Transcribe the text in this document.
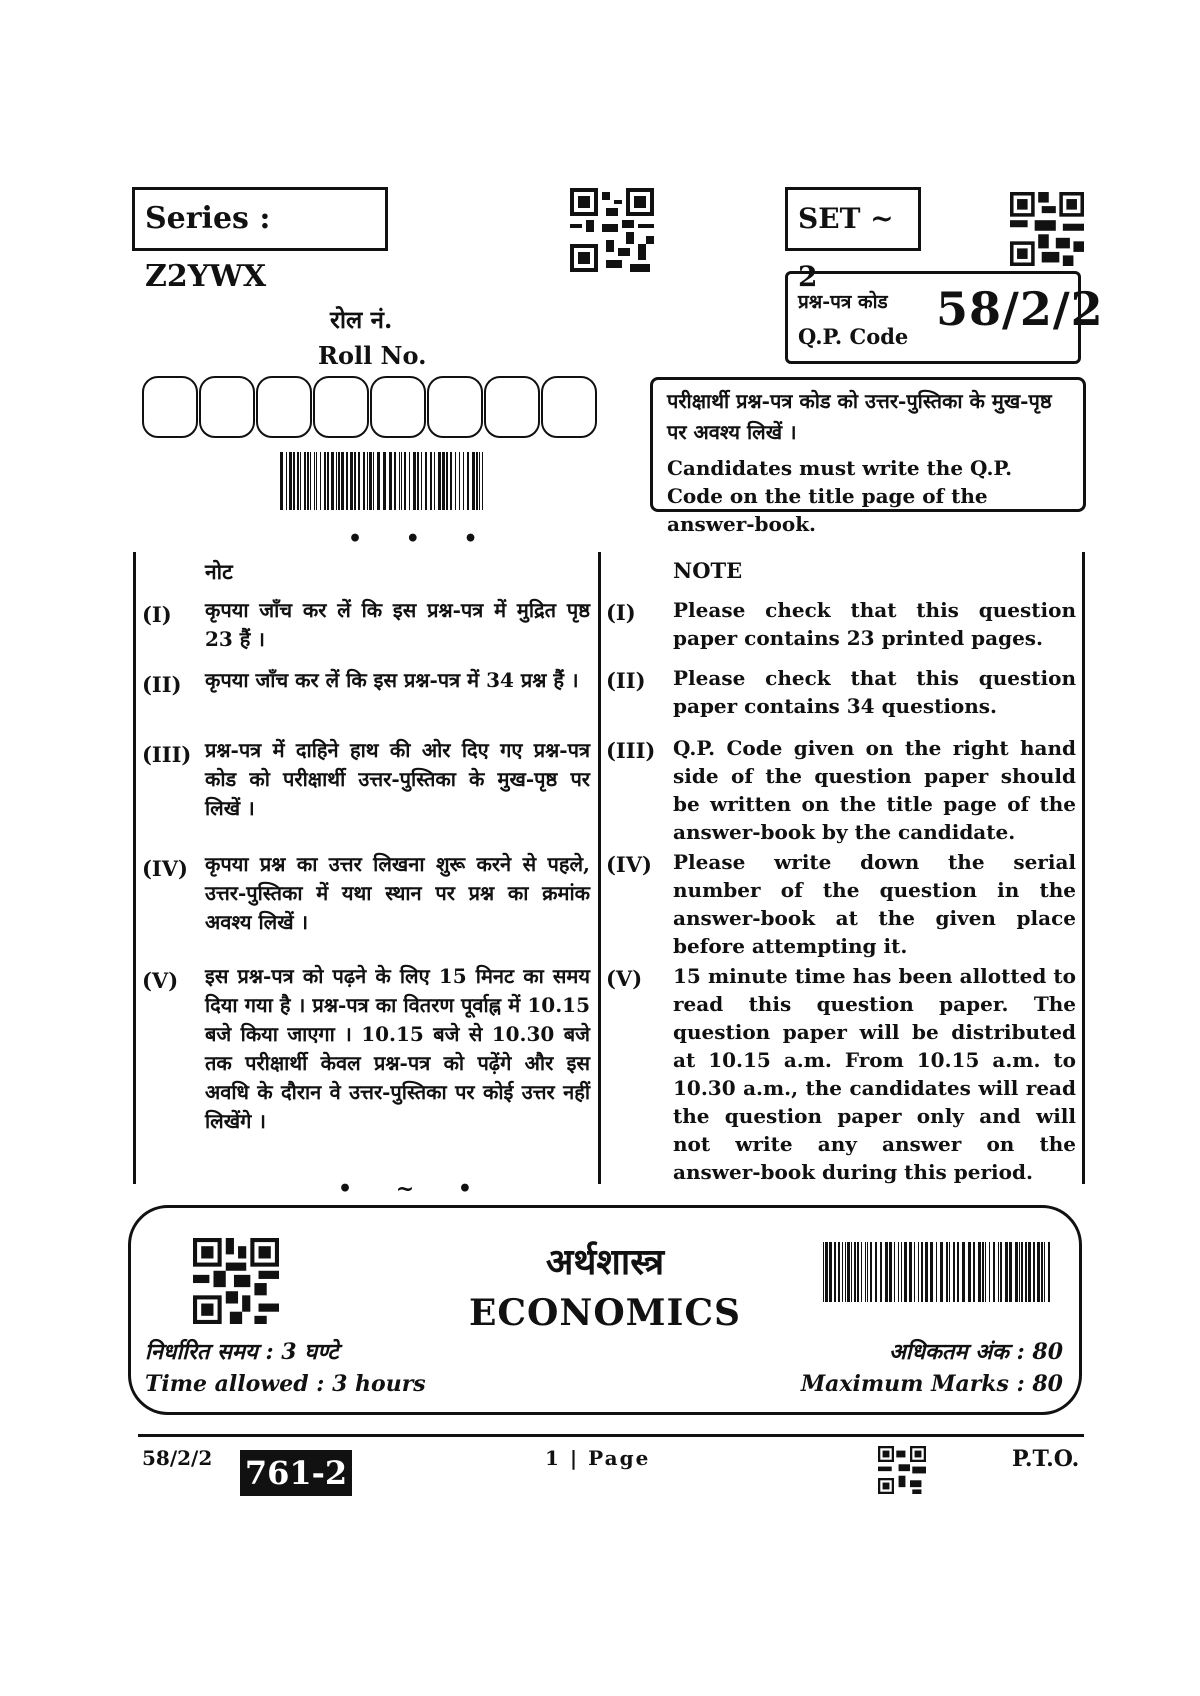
Series : Z2YWX
SET ~ 2
प्रश्न-पत्र कोड
Q.P. Code
58/2/2
रोल नं.
Roll No.
परीक्षार्थी प्रश्न-पत्र कोड को उत्तर-पुस्तिका के मुख-पृष्ठ पर अवश्य लिखें ।
Candidates must write the Q.P. Code on the title page of the answer-book.
• • •
नोट	NOTE
(I) कृपया जाँच कर लें कि इस प्रश्न-पत्र में मुद्रित पृष्ठ 23 हैं ।
(I) Please check that this question paper contains 23 printed pages.
(II) कृपया जाँच कर लें कि इस प्रश्न-पत्र में 34 प्रश्न हैं ।	(II) Please check that this question paper contains 34 questions.
(III) प्रश्न-पत्र में दाहिने हाथ की ओर दिए गए प्रश्न-पत्र कोड को परीक्षार्थी उत्तर-पुस्तिका के मुख-पृष्ठ पर लिखें ।
(III) Q.P. Code given on the right hand side of the question paper should be written on the title page of the answer-book by the candidate.
(IV) कृपया प्रश्न का उत्तर लिखना शुरू करने से पहले, उत्तर-पुस्तिका में यथा स्थान पर प्रश्न का क्रमांक अवश्य लिखें ।
(IV) Please write down the serial number of the question in the answer-book at the given place before attempting it.
(V) इस प्रश्न-पत्र को पढ़ने के लिए 15 मिनट का समय दिया गया है । प्रश्न-पत्र का वितरण पूर्वाह्न में 10.15 बजे किया जाएगा । 10.15 बजे से 10.30 बजे तक परीक्षार्थी केवल प्रश्न-पत्र को पढ़ेंगे और इस अवधि के दौरान वे उत्तर-पुस्तिका पर कोई उत्तर नहीं लिखेंगे ।
(V) 15 minute time has been allotted to read this question paper. The question paper will be distributed at 10.15 a.m. From 10.15 a.m. to 10.30 a.m., the candidates will read the question paper only and will not write any answer on the answer-book during this period.
• ~ •
अर्थशास्त्र
ECONOMICS
निर्धारित समय : 3 घण्टे
Time allowed : 3 hours
अधिकतम अंक : 80
Maximum Marks : 80
58/2/2 761-2	1 | Page	P.T.O.
